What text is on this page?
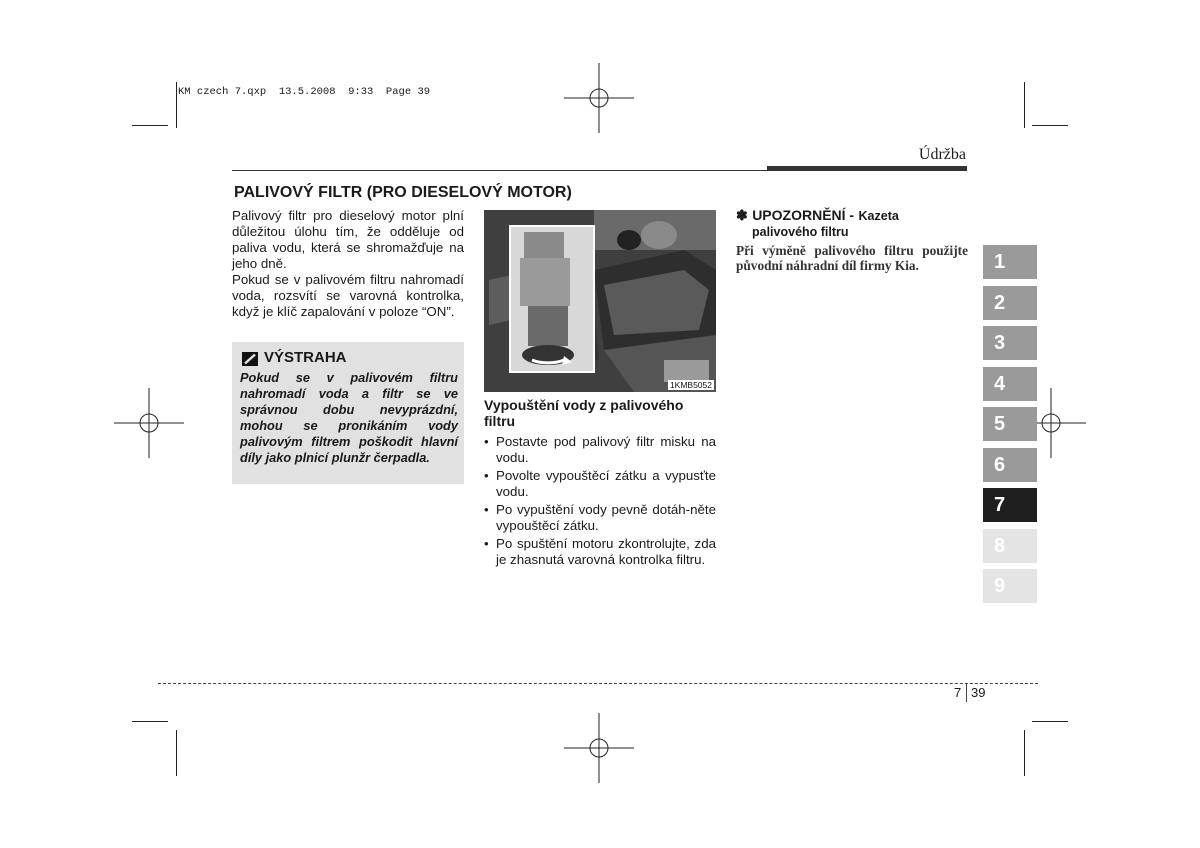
KM czech 7.qxp  13.5.2008  9:33  Page 39
Údržba
PALIVOVÝ FILTR (PRO DIESELOVÝ MOTOR)
Palivový filtr pro dieselový motor plní důležitou úlohu tím, že odděluje od paliva vodu, která se shromažďuje na jeho dně.
Pokud se v palivovém filtru nahromadí voda, rozsvítí se varovná kontrolka, když je klíč zapalování v poloze “ON”.
VÝSTRAHA
Pokud se v palivovém filtru nahromadí voda a filtr se ve správnou dobu nevyprázdní, mohou se pronikáním vody palivovým filtrem poškodit hlavní díly jako plnicí plunžr čerpadla.
1KMB5052
Vypouštění vody z palivového filtru
• Postavte pod palivový filtr misku na vodu.
• Povolte vypouštěcí zátku a vypusťte vodu.
• Po vypuštění vody pevně dotáh-něte vypouštěcí zátku.
• Po spuštění motoru zkontrolujte, zda je zhasnutá varovná kontrolka filtru.
✽ UPOZORNĚNÍ - Kazeta
palivového filtru
Při výměně palivového filtru použijte původní náhradní díl firmy Kia.	1
2
3
4
5
6
7
8
9
7 39
